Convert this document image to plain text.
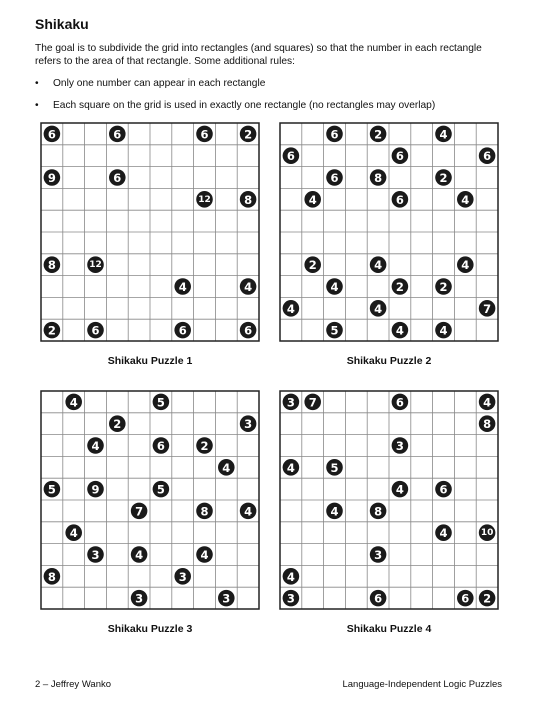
Shikaku

The goal is to subdivide the grid into rectangles (and squares) so that the number in each rectangle refers to the area of that rectangle. Some additional rules:

• Only one number can appear in each rectangle
• Each square on the grid is used in exactly one rectangle (no rectangles may overlap)
6	6	6	2
9	6
12	8
8	12
4	4
2	6	6	6
Shikaku Puzzle 1
6	2	4
6	6	6
6	8	2
4	6	4
2	4	4
4	2	2
4	4	7
5	4	4
Shikaku Puzzle 2
4	5
2	3
4	6	2
4
5	9	5
7	8	4
4
3	4	4
8	3
3	3
Shikaku Puzzle 3
3 7	6	4
8
3
4	5
4	6
4	8
4	10
3
4
3	6	6 2
Shikaku Puzzle 4
2 – Jeffrey Wanko	Language-Independent Logic Puzzles
